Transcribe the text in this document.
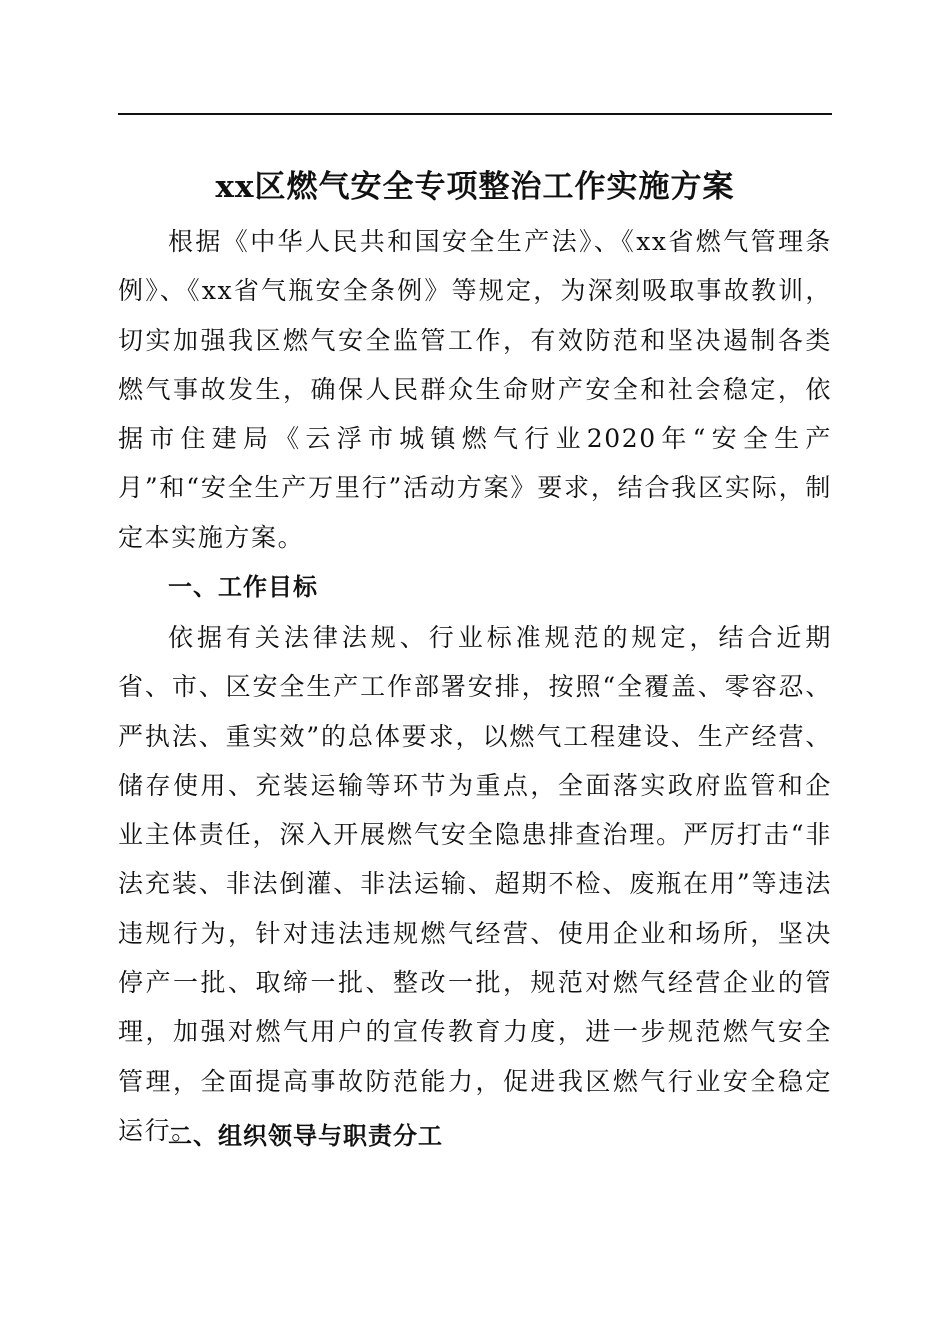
xx区燃气安全专项整治工作实施方案

根据《中华人民共和国安全生产法》、《xx省燃气管理条例》、《xx省气瓶安全条例》等规定，为深刻吸取事故教训，切实加强我区燃气安全监管工作，有效防范和坚决遏制各类燃气事故发生，确保人民群众生命财产安全和社会稳定，依据市住建局《云浮市城镇燃气行业2020年“安全生产月”和“安全生产万里行”活动方案》要求，结合我区实际，制定本实施方案。

一、工作目标

依据有关法律法规、行业标准规范的规定，结合近期省、市、区安全生产工作部署安排，按照“全覆盖、零容忍、严执法、重实效”的总体要求，以燃气工程建设、生产经营、储存使用、充装运输等环节为重点，全面落实政府监管和企业主体责任，深入开展燃气安全隐患排查治理。严厉打击“非法充装、非法倒灌、非法运输、超期不检、废瓶在用”等违法违规行为，针对违法违规燃气经营、使用企业和场所，坚决停产一批、取缔一批、整改一批，规范对燃气经营企业的管理，加强对燃气用户的宣传教育力度，进一步规范燃气安全管理，全面提高事故防范能力，促进我区燃气行业安全稳定运行。

二、组织领导与职责分工
